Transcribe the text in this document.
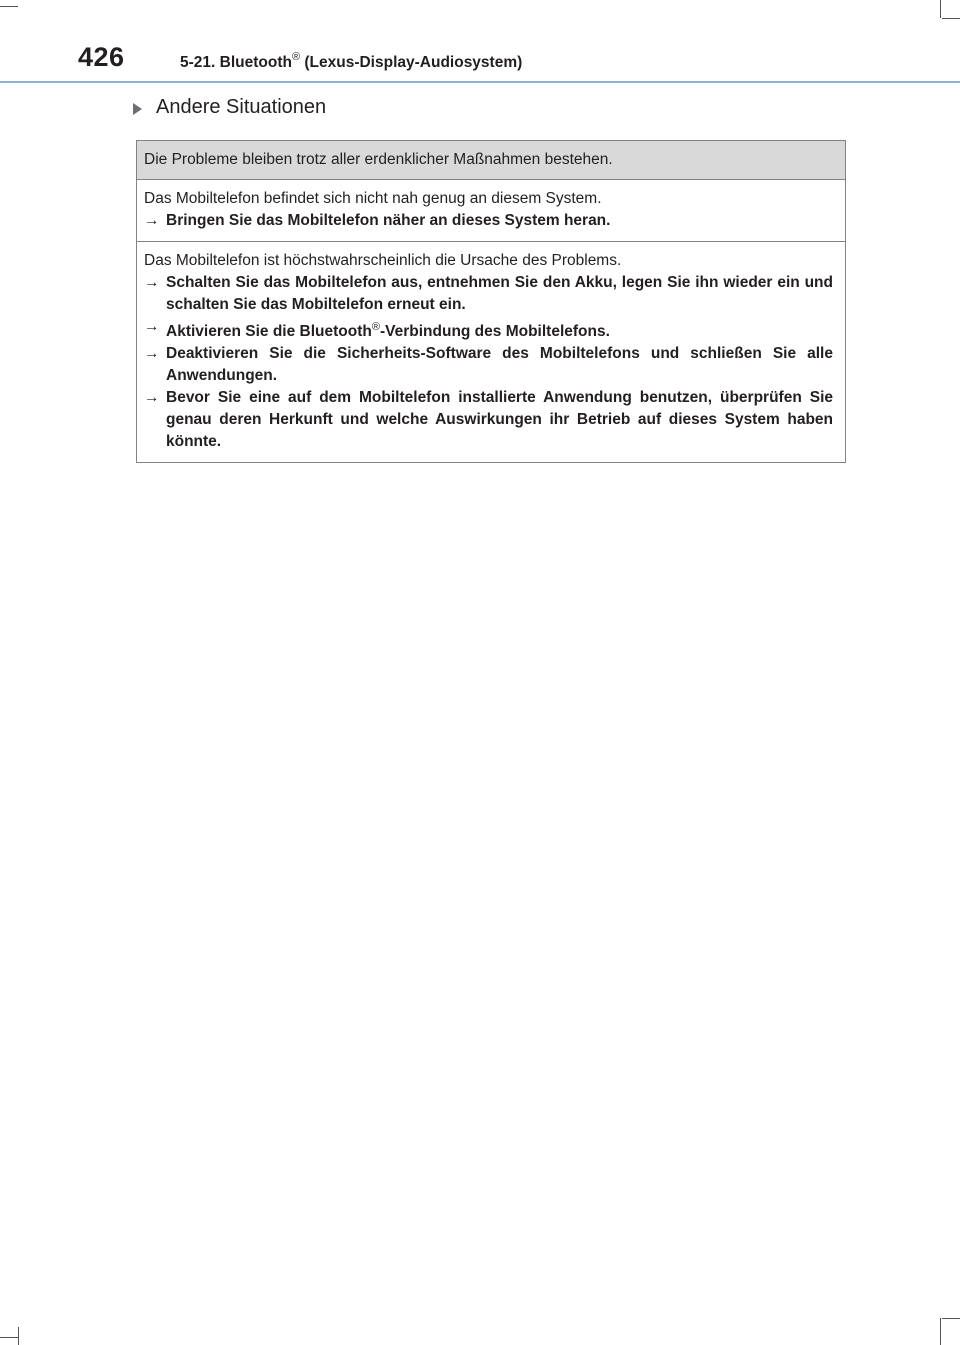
426	5-21. Bluetooth® (Lexus-Display-Audiosystem)
Andere Situationen
Die Probleme bleiben trotz aller erdenklicher Maßnahmen bestehen.

Das Mobiltelefon befindet sich nicht nah genug an diesem System.
→ Bringen Sie das Mobiltelefon näher an dieses System heran.

Das Mobiltelefon ist höchstwahrscheinlich die Ursache des Problems.
→ Schalten Sie das Mobiltelefon aus, entnehmen Sie den Akku, legen Sie ihn wieder ein und schalten Sie das Mobiltelefon erneut ein.
→ Aktivieren Sie die Bluetooth®-Verbindung des Mobiltelefons.
→ Deaktivieren Sie die Sicherheits-Software des Mobiltelefons und schließen Sie alle Anwendungen.
→ Bevor Sie eine auf dem Mobiltelefon installierte Anwendung benutzen, überprüfen Sie genau deren Herkunft und welche Auswirkungen ihr Betrieb auf dieses System haben könnte.
